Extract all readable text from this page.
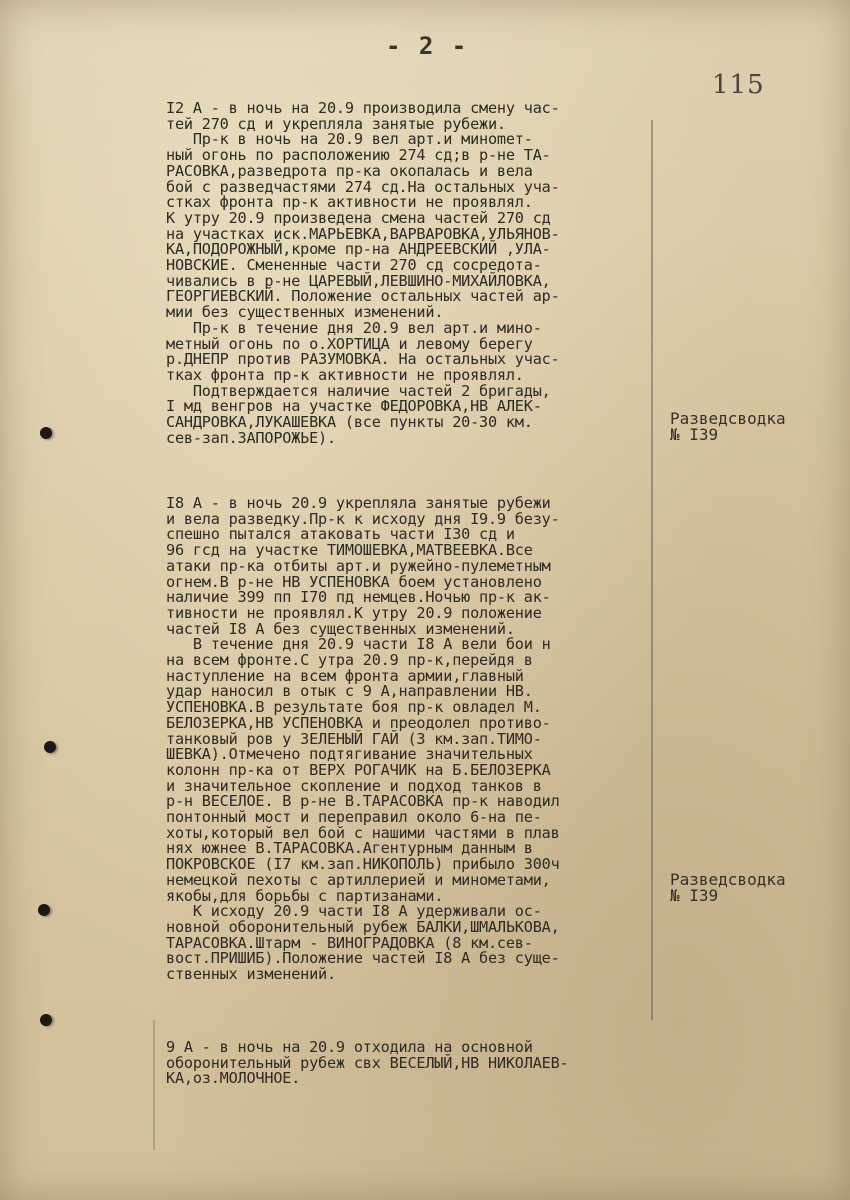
- 2 -
115
I2 А - в ночь на 20.9 производила смену час-
тей 270 сд и укрепляла занятые рубежи.
Пр-к в ночь на 20.9 вел арт.и минomет-
ный огонь по расположению 274 сд;в р-не ТА-
РАСОВКА,разведрота пр-ка окопалась и вела
бой с разведчастями 274 сд.На остальных уча-
стках фронта пр-к активности не проявлял.
К утру 20.9 произведена смена частей 270 сд
на участках иск.МАРЬЕВКА,ВАРВАРОВКА,УЛЬЯНОВ-
КА,ПОДОРОЖНЫЙ,кроме пр-на АНДРЕЕВСКИЙ ,УЛА-
НОВСКИЕ. Смененные части 270 сд сосредота-
чивались в р-не ЦАРЕВЫЙ,ЛЕВШИНО-МИХАЙЛОВКА,
ГЕОРГИЕВСКИЙ. Положение остальных частей ар-
мии без существенных изменений.
Пр-к в течение дня 20.9 вел арт.и мино-
метный огонь по о.ХОРТИЦА и левому берегу
р.ДНЕПР против РАЗУМОВКА. На остальных учас-
тках фронта пр-к активности не проявлял.
Подтверждается наличие частей 2 бригады,
I мд венгров на участке ФЕДОРОВКА,НВ АЛЕК-
САНДРОВКА,ЛУКАШЕВКА (все пункты 20-30 км.
сев-зап.ЗАПОРОЖЬЕ).
I8 А - в ночь 20.9 укрепляла занятые рубежи
и вела разведку.Пр-к к исходу дня I9.9 безу-
спешно пытался атаковать части I30 сд и
96 гсд на участке ТИМОШЕВКА,МАТВЕЕВКА.Все
атаки пр-ка отбиты арт.и ружейно-пулеметным
огнем.В р-не НВ УСПЕНОВКА боем установлено
наличие 399 пп I70 пд немцев.Ночью пр-к ак-
тивности не проявлял.К утру 20.9 положение
частей I8 А без существенных изменений.
В течение дня 20.9 части I8 А вели бои н
на всем фронте.С утра 20.9 пр-к,перейдя в
наступление на всем фронта армии,главный
удар наносил в отык с 9 А,направлении НВ.
УСПЕНОВКА.В результате боя пр-к овладел М.
БЕЛОЗЕРКА,НВ УСПЕНОВКА и преодолел противо-
танковый ров у ЗЕЛЕНЫЙ ГАЙ (3 км.зап.ТИМО-
ШЕВКА).Отмечено подтягивание значительных
колонн пр-ка от ВЕРХ РОГАЧИК на Б.БЕЛОЗЕРКА
и значительное скопление и подход танков в
р-н ВЕСЕЛОЕ. В р-не В.ТАРАСОВКА пр-к наводил
понтонный мост и переправил около 6-на пе-
хоты,который вел бой с нашими частями в плав
нях южнее В.ТАРАСОВКА.Агентурным данным в
ПОКРОВСКОЕ (I7 км.зап.НИКОПОЛЬ) прибыло 300ч
немецкой пехоты с артиллерией и минометами,
якобы,для борьбы с партизанами.
К исходу 20.9 части I8 А удерживали ос-
новной оборонительный рубеж БАЛКИ,ШМАЛЬКОВА,
ТАРАСОВКА.Штарм - ВИНОГРАДОВКА (8 км.сев-
вост.ПРИШИБ).Положение частей I8 А без суще-
ственных изменений.
9 А - в ночь на 20.9 отходила на основной
оборонительный рубеж свх ВЕСЕЛЫЙ,НВ НИКОЛАЕВ-
КА,оз.МОЛОЧНОЕ.
Разведсводка
№ I39
Разведсводка
№ I39
